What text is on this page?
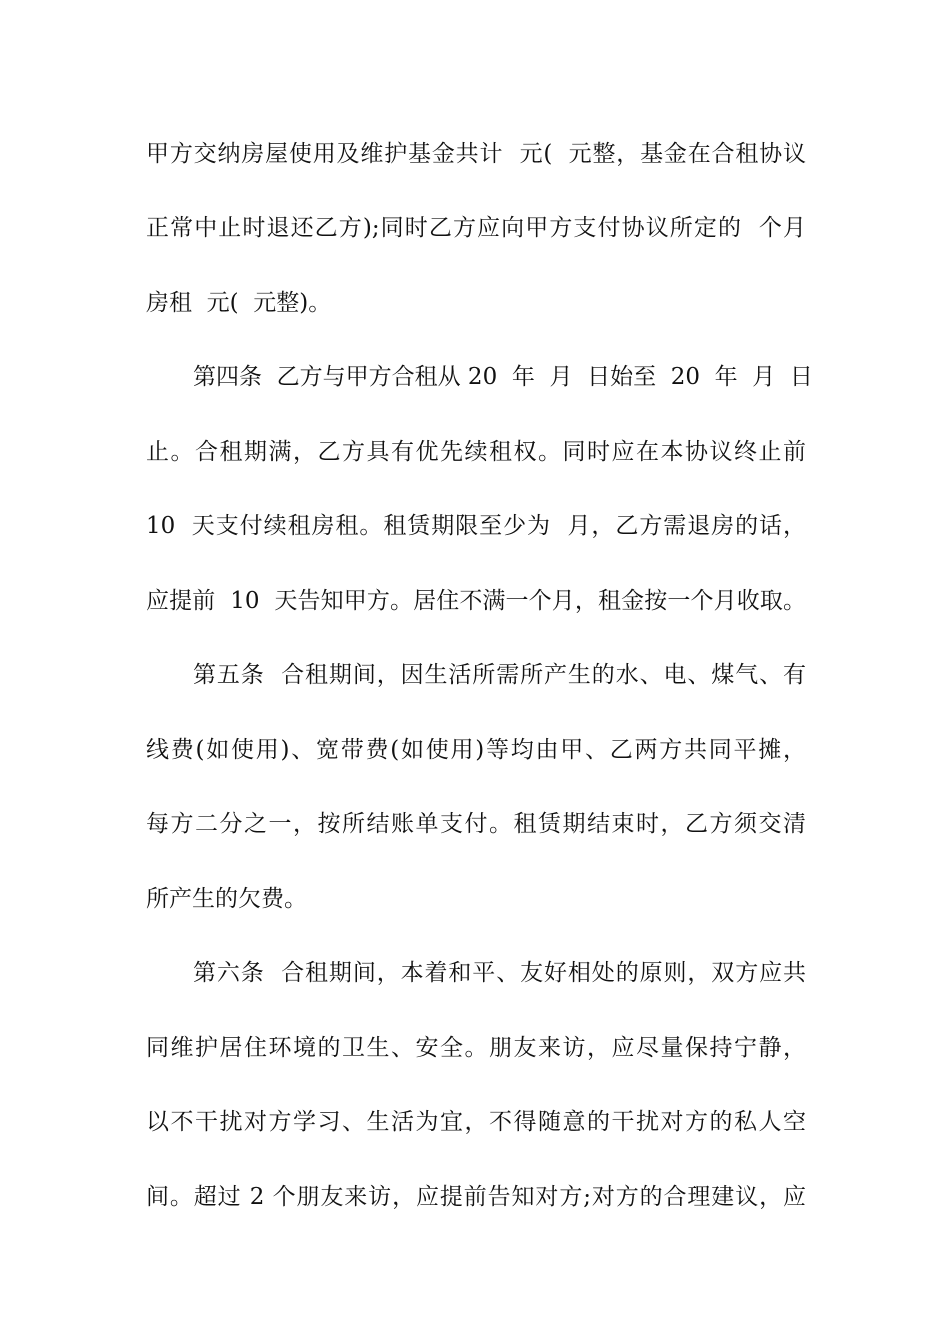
甲方交纳房屋使用及维护基金共计  元(  元整，基金在合租协议
正常中止时退还乙方);同时乙方应向甲方支付协议所定的  个月
房租  元(  元整)。
第四条  乙方与甲方合租从 20  年  月  日始至  20  年  月  日
止。合租期满，乙方具有优先续租权。同时应在本协议终止前
10  天支付续租房租。租赁期限至少为  月，乙方需退房的话，
应提前  10  天告知甲方。居住不满一个月，租金按一个月收取。
第五条  合租期间，因生活所需所产生的水、电、煤气、有
线费(如使用)、宽带费(如使用)等均由甲、乙两方共同平摊，
每方二分之一，按所结账单支付。租赁期结束时，乙方须交清
所产生的欠费。
第六条  合租期间，本着和平、友好相处的原则，双方应共
同维护居住环境的卫生、安全。朋友来访，应尽量保持宁静，
以不干扰对方学习、生活为宜，不得随意的干扰对方的私人空
间。超过 2 个朋友来访，应提前告知对方;对方的合理建议，应
